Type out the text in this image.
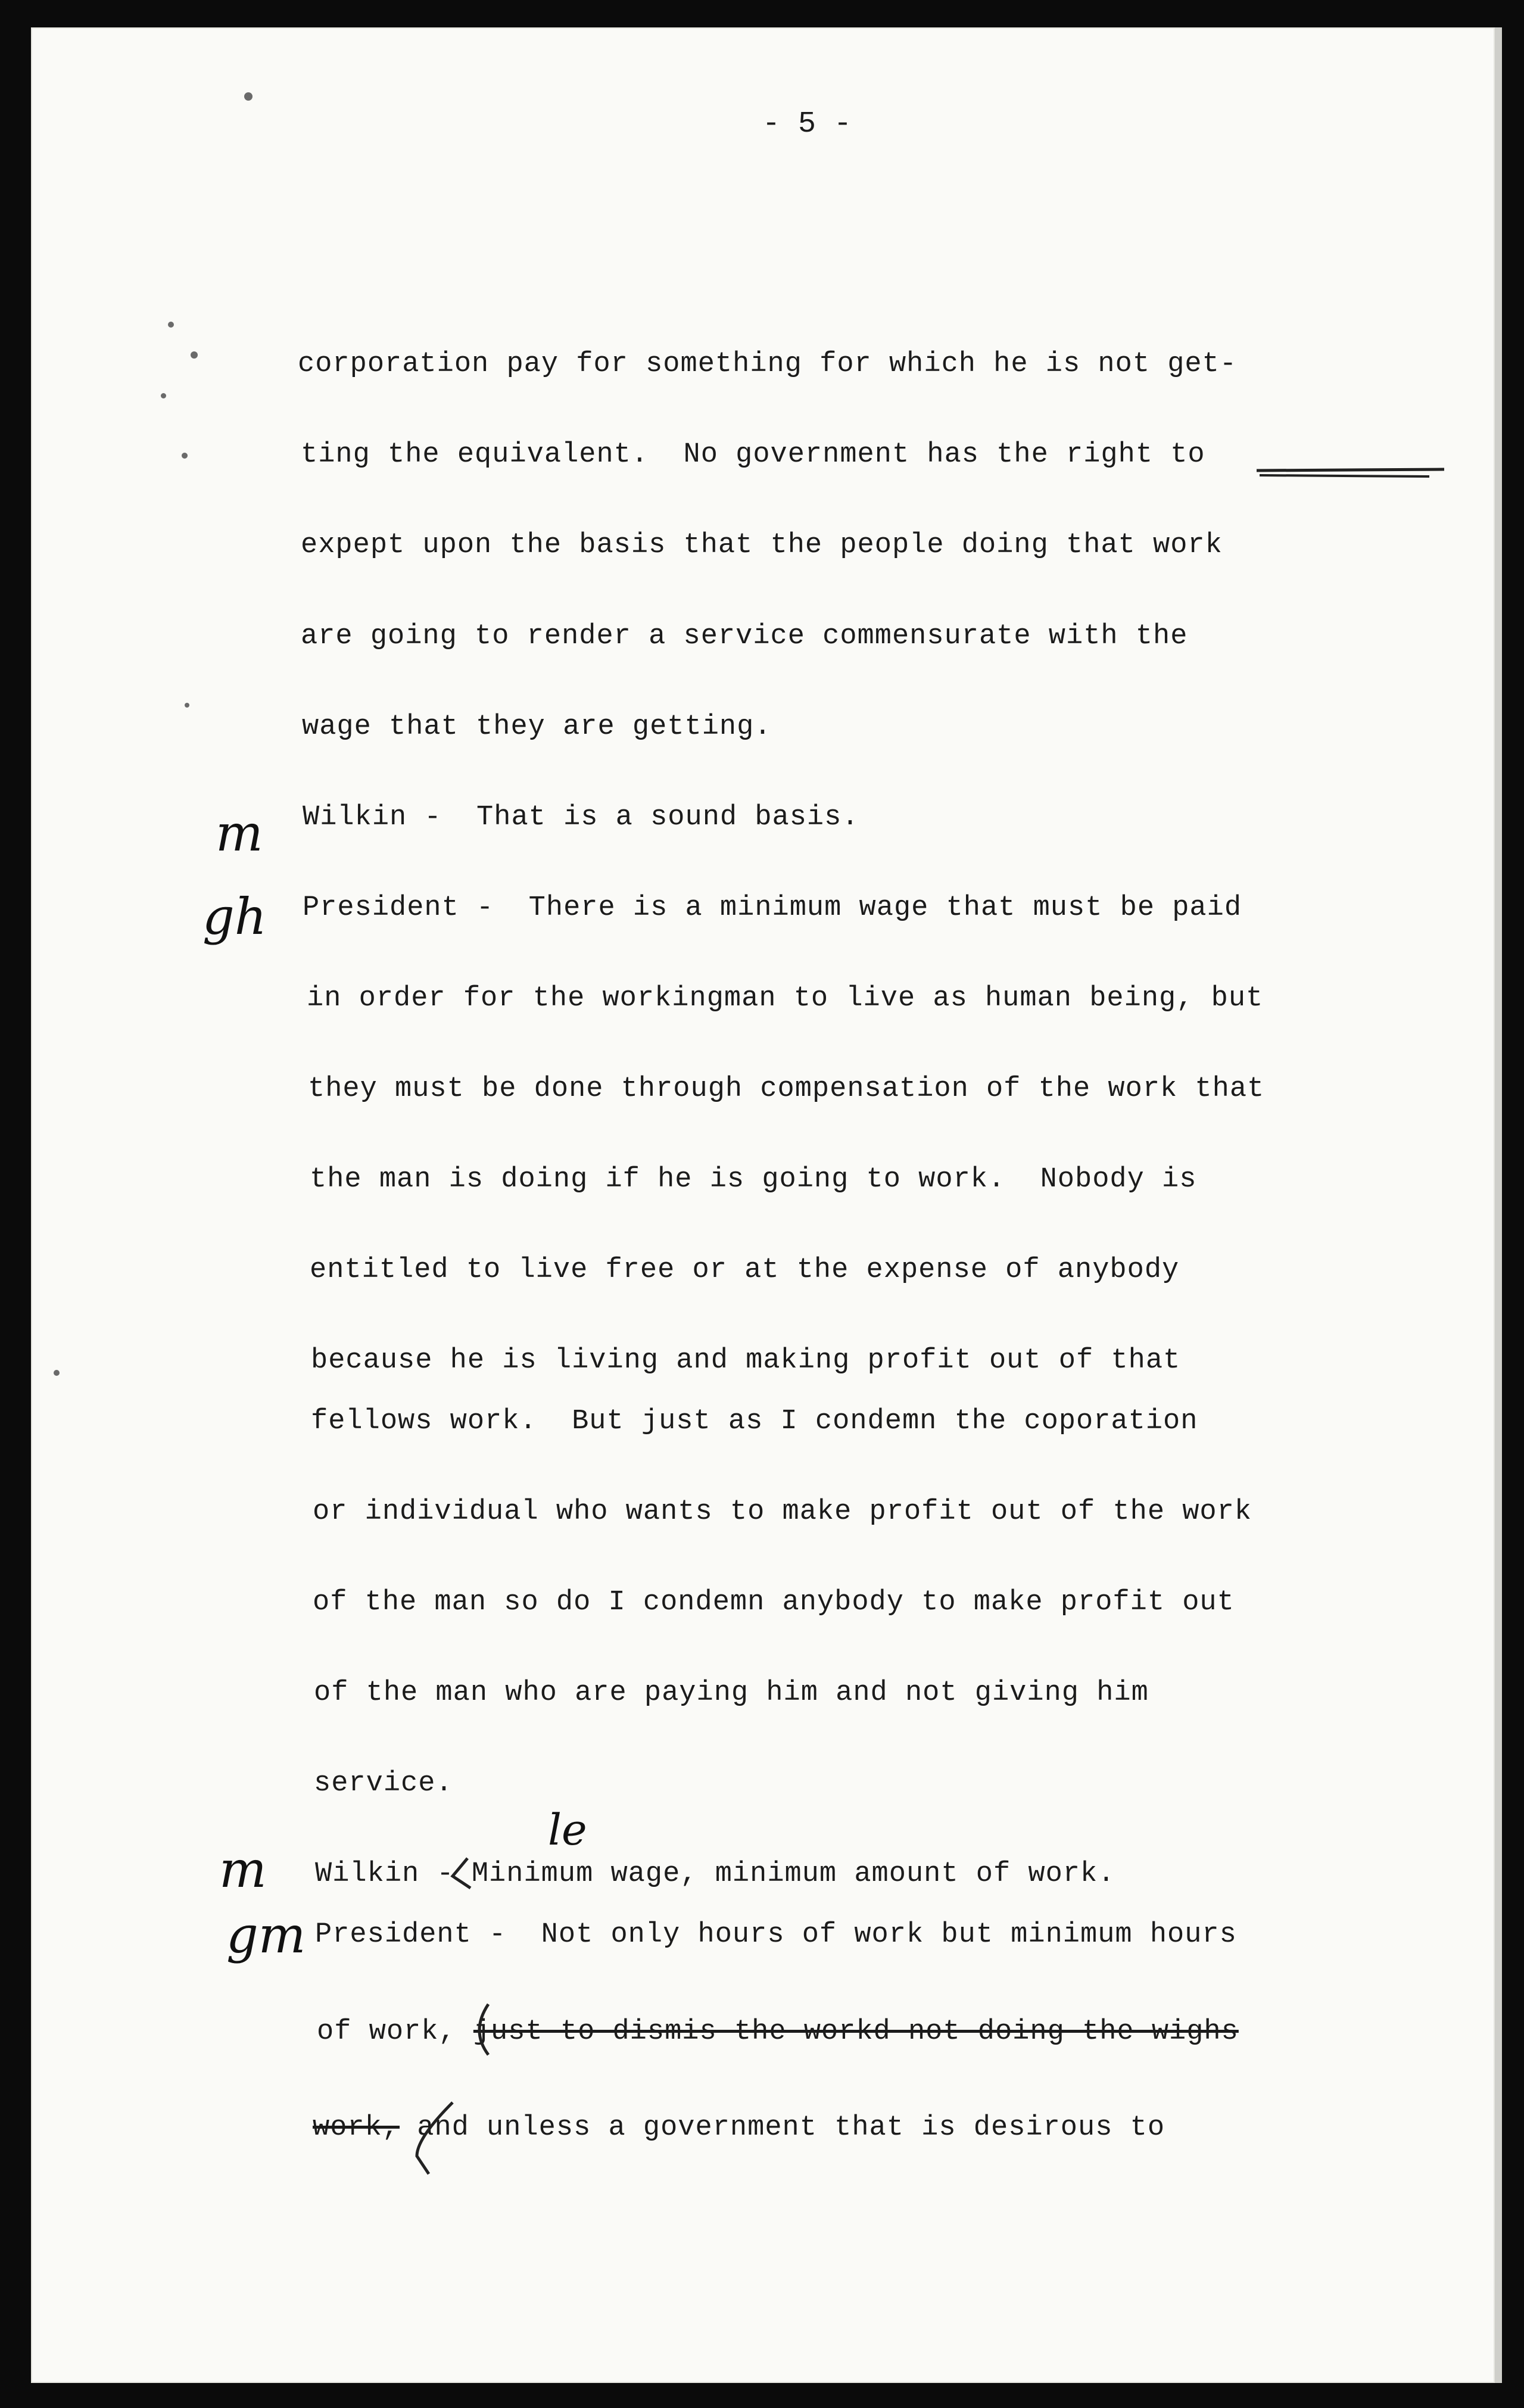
- 5 -
corporation pay for something for which he is not get-
ting the equivalent.  No government has the right to
expept upon the basis that the people doing that work
are going to render a service commensurate with the
wage that they are getting.
Wilkin -  That is a sound basis.
President -  There is a minimum wage that must be paid
in order for the workingman to live as human being, but
they must be done through compensation of the work that
the man is doing if he is going to work.  Nobody is
entitled to live free or at the expense of anybody
because he is living and making profit out of that
fellows work.  But just as I condemn the coporation
or individual who wants to make profit out of the work
of the man so do I condemn anybody to make profit out
of the man who are paying him and not giving him
service.
Wilkin - Minimum wage, minimum amount of work.
President -  Not only hours of work but minimum hours
of work, just to dismis the workd not doing the wighs
work, and unless a government that is desirous to
m
gh
m
gm
le
